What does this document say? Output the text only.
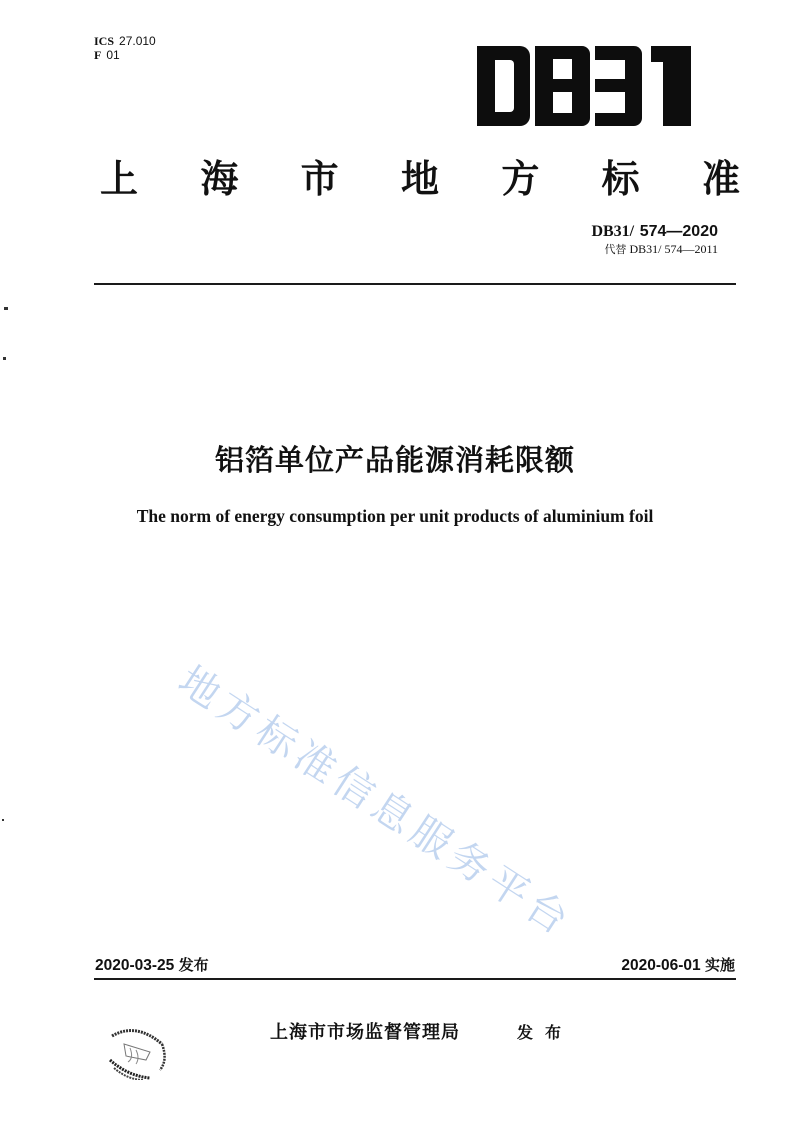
ICS 27.010
F 01
上 海 市 地 方 标 准
DB31/ 574—2020
代替 DB31/ 574—2011
铝箔单位产品能源消耗限额
The norm of energy consumption per unit products of aluminium foil
地方标准信息服务平台
2020-03-25 发布	2020-06-01 实施
上海市市场监督管理局	发布
